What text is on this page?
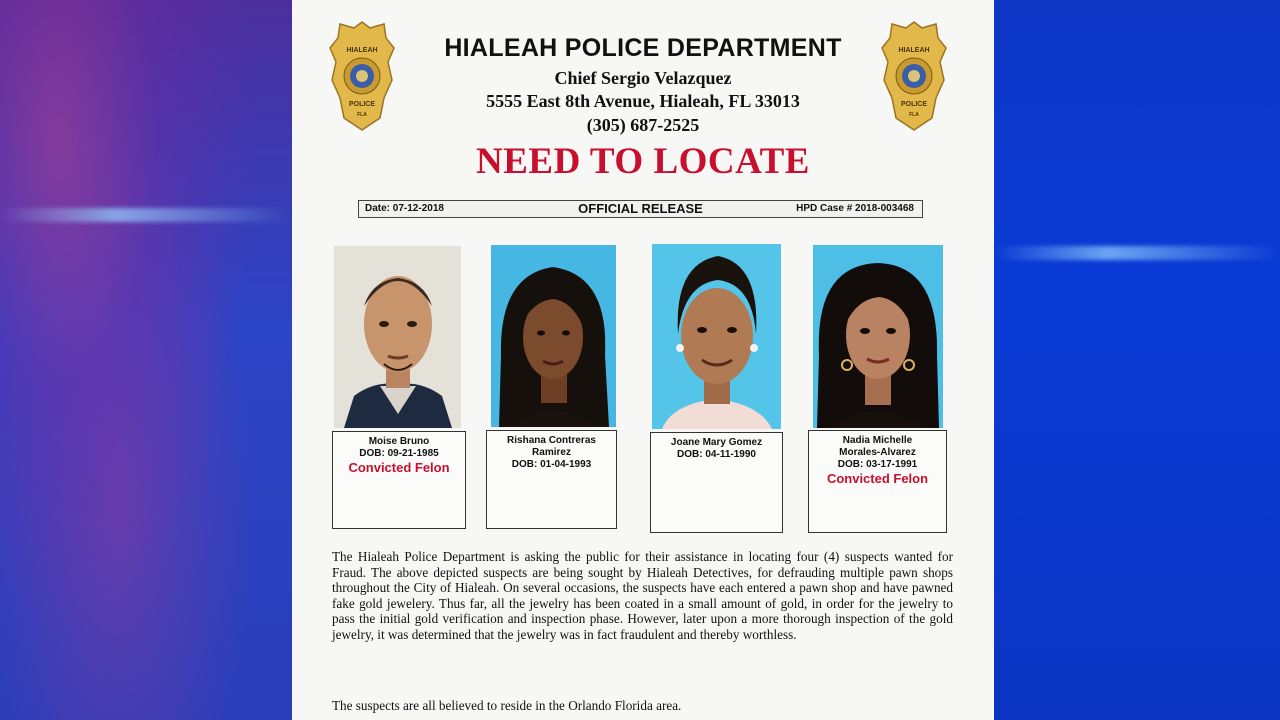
HIALEAH
POLICE
FLA
HIALEAH
POLICE
FLA
HIALEAH POLICE DEPARTMENT
Chief Sergio Velazquez
5555 East 8th Avenue, Hialeah, FL 33013
(305) 687-2525
NEED TO LOCATE
Date: 07-12-2018	OFFICIAL RELEASE	HPD Case # 2018-003468
Moise Bruno
DOB: 09-21-1985
Convicted Felon
Rishana Contreras
Ramirez
DOB: 01-04-1993
Joane Mary Gomez
DOB: 04-11-1990
Nadia Michelle
Morales-Alvarez
DOB: 03-17-1991
Convicted Felon
The Hialeah Police Department is asking the public for their assistance in locating four (4) suspects wanted for Fraud. The above depicted suspects are being sought by Hialeah Detectives, for defrauding multiple pawn shops throughout the City of Hialeah. On several occasions, the suspects have each entered a pawn shop and have pawned fake gold jewelery. Thus far, all the jewelry has been coated in a small amount of gold, in order for the jewelry to pass the initial gold verification and inspection phase. However, later upon a more thorough inspection of the gold jewelry, it was determined that the jewelry was in fact fraudulent and thereby worthless.
The suspects are all believed to reside in the Orlando Florida area.
